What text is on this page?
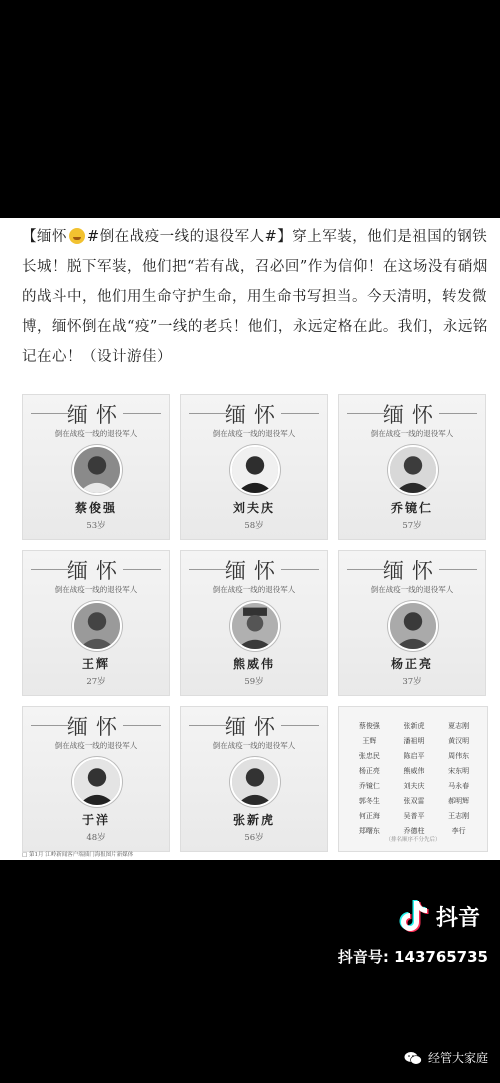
【缅怀 #倒在战疫一线的退役军人#】穿上军装，他们是祖国的钢铁长城！脱下军装，他们把“若有战，召必回”作为信仰！在这场没有硝烟的战斗中，他们用生命守护生命，用生命书写担当。今天清明，转发微博，缅怀倒在战“疫”一线的老兵！他们，永远定格在此。我们，永远铭记在心！（设计游佳）
缅怀
倒在战疫一线的退役军人
蔡俊强
53岁
缅怀
倒在战疫一线的退役军人
刘夫庆
58岁
缅怀
倒在战疫一线的退役军人
乔镜仁
57岁
缅怀
倒在战疫一线的退役军人
王辉
27岁
缅怀
倒在战疫一线的退役军人
熊威伟
59岁
缅怀
倒在战疫一线的退役军人
杨正亮
37岁
缅怀
倒在战疫一线的退役军人
于洋
48岁
缅怀
倒在战疫一线的退役军人
张新虎
56岁
蔡俊强	张新虎	夏志刚
王辉	潘祖明	黄汉明
张忠民	陈启平	周伟东
杨正亮	熊威伟	宋东明
乔镜仁	刘夫庆	马永春
郭冬生	张双雷	郝明辉
何正海	吴普平	王志刚
郑曙东	乔德柱	李行
（排名顺序不分先后）
□ 第1月 江岭新闻客户端插门海报图片新媒体
抖音
抖音号: 143765735
经管大家庭
